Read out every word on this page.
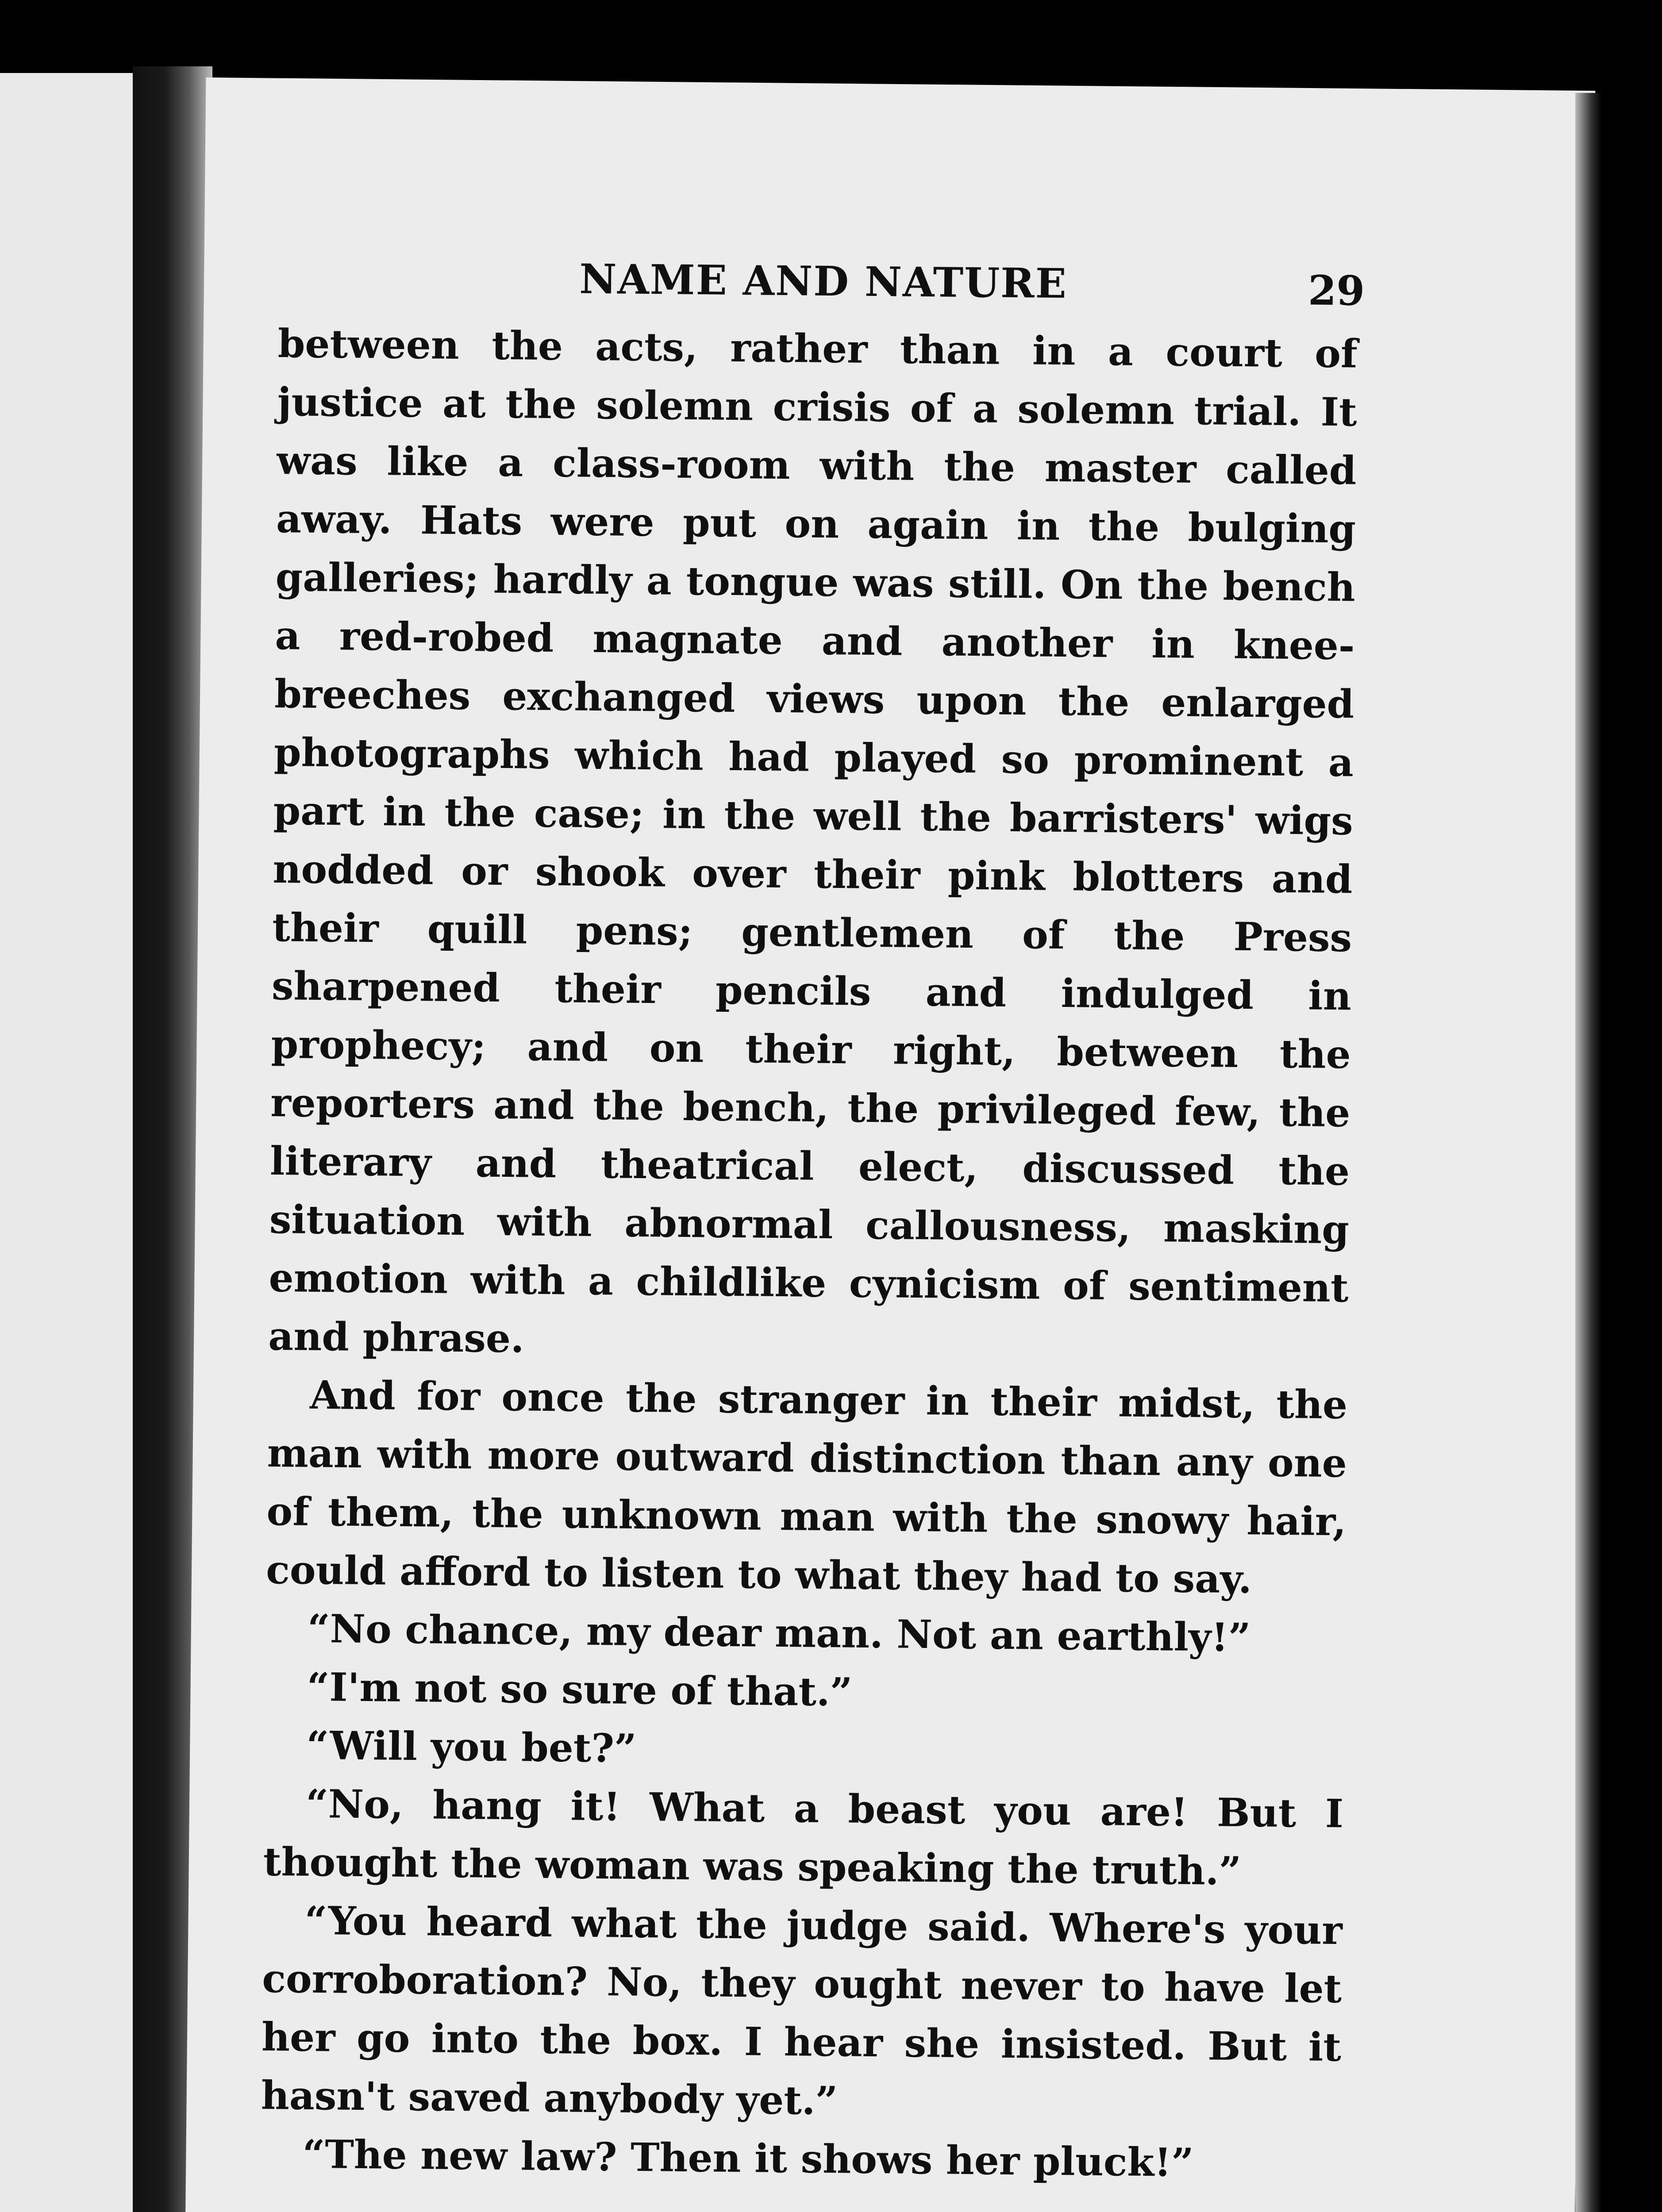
NAME AND NATURE	29

between the acts, rather than in a court of justice at the solemn crisis of a solemn trial. It was like a class-room with the master called away. Hats were put on again in the bulging galleries; hardly a tongue was still. On the bench a red-robed magnate and another in knee-breeches exchanged views upon the enlarged photographs which had played so prominent a part in the case; in the well the barristers' wigs nodded or shook over their pink blotters and their quill pens; gentlemen of the Press sharpened their pencils and indulged in prophecy; and on their right, between the reporters and the bench, the privileged few, the literary and theatrical elect, discussed the situation with abnormal callousness, masking emotion with a childlike cynicism of sentiment and phrase.

And for once the stranger in their midst, the man with more outward distinction than any one of them, the unknown man with the snowy hair, could afford to listen to what they had to say.

“No chance, my dear man. Not an earthly!”

“I'm not so sure of that.”

“Will you bet?”

“No, hang it! What a beast you are! But I thought the woman was speaking the truth.”

“You heard what the judge said. Where's your corroboration? No, they ought never to have let her go into the box. I hear she insisted. But it hasn't saved anybody yet.”

“The new law? Then it shows her pluck!”
